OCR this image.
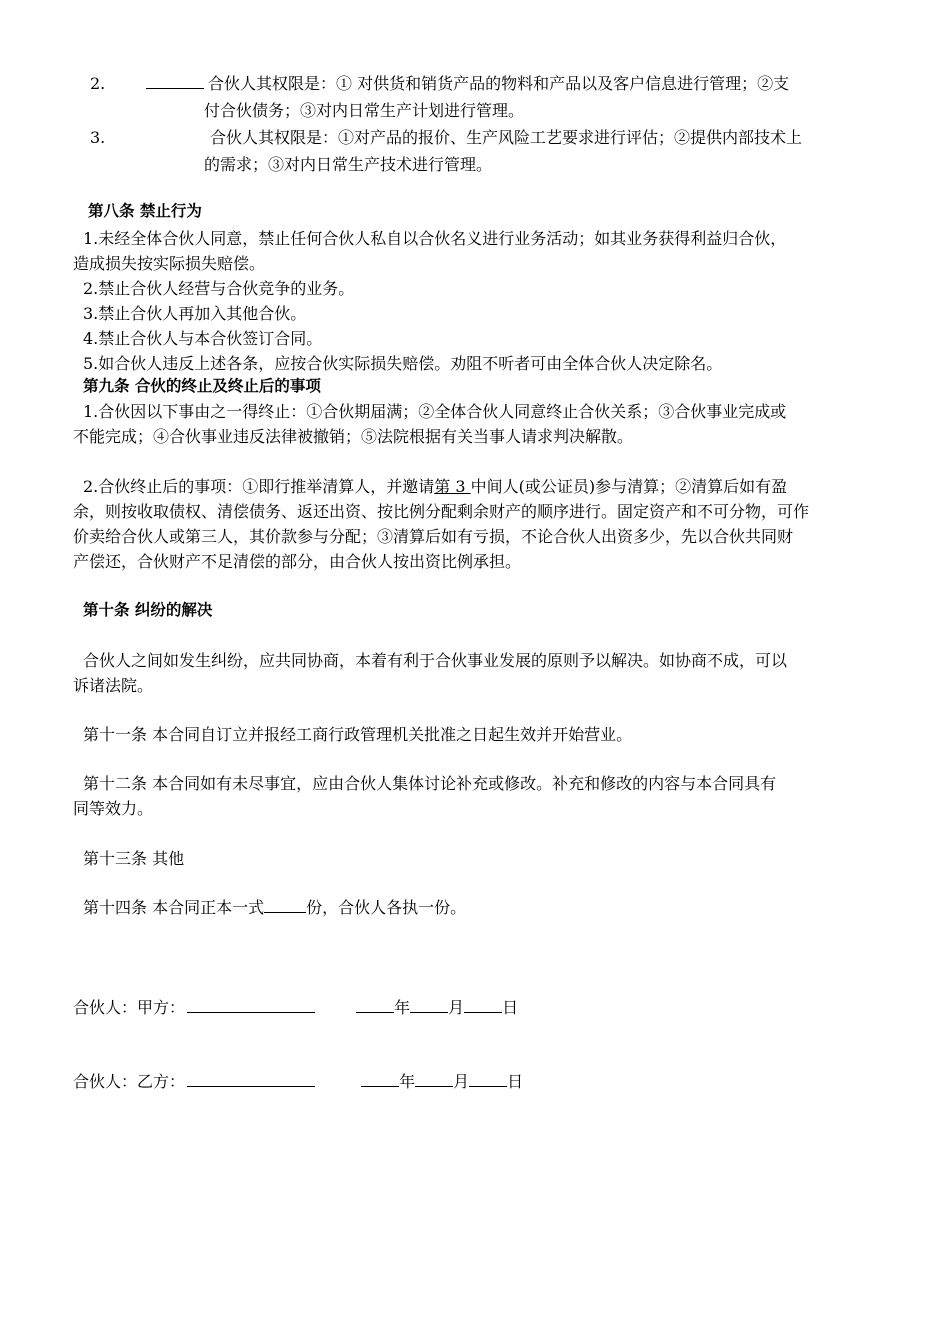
2.	合伙人其权限是：① 对供货和销货产品的物料和产品以及客户信息进行管理；②支
付合伙债务；③对内日常生产计划进行管理。
3.	合伙人其权限是：①对产品的报价、生产风险工艺要求进行评估；②提供内部技术上
的需求；③对内日常生产技术进行管理。
第八条 禁止行为
1.未经全体合伙人同意，禁止任何合伙人私自以合伙名义进行业务活动；如其业务获得利益归合伙，
造成损失按实际损失赔偿。
2.禁止合伙人经营与合伙竞争的业务。
3.禁止合伙人再加入其他合伙。
4.禁止合伙人与本合伙签订合同。
5.如合伙人违反上述各条，应按合伙实际损失赔偿。劝阻不听者可由全体合伙人决定除名。
第九条 合伙的终止及终止后的事项
1.合伙因以下事由之一得终止：①合伙期届满；②全体合伙人同意终止合伙关系；③合伙事业完成或
不能完成；④合伙事业违反法律被撤销；⑤法院根据有关当事人请求判决解散。
2.合伙终止后的事项：①即行推举清算人，并邀请第 3 中间人(或公证员)参与清算；②清算后如有盈
余，则按收取债权、清偿债务、返还出资、按比例分配剩余财产的顺序进行。固定资产和不可分物，可作
价卖给合伙人或第三人，其价款参与分配；③清算后如有亏损，不论合伙人出资多少，先以合伙共同财
产偿还，合伙财产不足清偿的部分，由合伙人按出资比例承担。
第十条 纠纷的解决
合伙人之间如发生纠纷，应共同协商，本着有利于合伙事业发展的原则予以解决。如协商不成，可以
诉诸法院。
第十一条 本合同自订立并报经工商行政管理机关批准之日起生效并开始营业。
第十二条 本合同如有未尽事宜，应由合伙人集体讨论补充或修改。补充和修改的内容与本合同具有
同等效力。
第十三条 其他
第十四条 本合同正本一式	份，合伙人各执一份。
合伙人：甲方：	年 月 日
合伙人：乙方：	年 月 日
